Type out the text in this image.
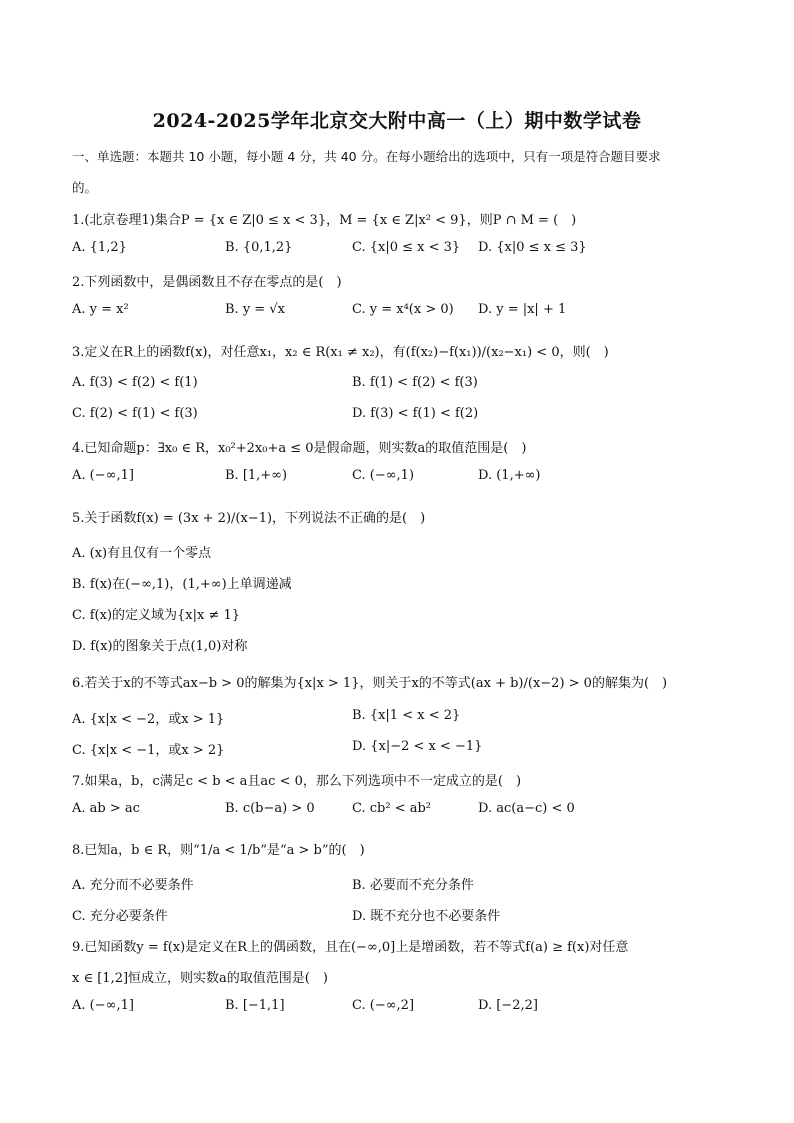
2024-2025学年北京交大附中高一（上）期中数学试卷
一、单选题：本题共 10 小题，每小题 4 分，共 40 分。在每小题给出的选项中，只有一项是符合题目要求
的。
1.(北京卷理1)集合P = {x ∈ Z|0 ≤ x < 3}，M = {x ∈ Z|x² < 9}，则P ∩ M = (　)
A. {1,2}	B. {0,1,2}	C. {x|0 ≤ x < 3} D. {x|0 ≤ x ≤ 3}
2.下列函数中，是偶函数且不存在零点的是(　)
A. y = x²	B. y = √x	C. y = x⁴(x > 0) D. y = |x| + 1
3.定义在R上的函数f(x)，对任意x₁，x₂ ∈ R(x₁ ≠ x₂)，有(f(x₂)−f(x₁))/(x₂−x₁) < 0，则(　)
A. f(3) < f(2) < f(1)	B. f(1) < f(2) < f(3)
C. f(2) < f(1) < f(3)	D. f(3) < f(1) < f(2)
4.已知命题p：∃x₀ ∈ R，x₀²+2x₀+a ≤ 0是假命题，则实数a的取值范围是(　)
A. (−∞,1]	B. [1,+∞)	C. (−∞,1)	D. (1,+∞)
5.关于函数f(x) = (3x + 2)/(x−1)，下列说法不正确的是(　)
A. (x)有且仅有一个零点
B. f(x)在(−∞,1)，(1,+∞)上单调递减
C. f(x)的定义域为{x|x ≠ 1}
D. f(x)的图象关于点(1,0)对称
6.若关于x的不等式ax−b > 0的解集为{x|x > 1}，则关于x的不等式(ax + b)/(x−2) > 0的解集为(　)
A. {x|x < −2，或x > 1}	B. {x|1 < x < 2}
C. {x|x < −1，或x > 2}	D. {x|−2 < x < −1}
7.如果a，b，c满足c < b < a且ac < 0，那么下列选项中不一定成立的是(　)
A. ab > ac	B. c(b−a) > 0	C. cb² < ab²	D. ac(a−c) < 0
8.已知a，b ∈ R，则“1/a < 1/b”是“a > b”的(　)
A. 充分而不必要条件	B. 必要而不充分条件
C. 充分必要条件	D. 既不充分也不必要条件
9.已知函数y = f(x)是定义在R上的偶函数，且在(−∞,0]上是增函数，若不等式f(a) ≥ f(x)对任意
x ∈ [1,2]恒成立，则实数a的取值范围是(　)
A. (−∞,1]	B. [−1,1]	C. (−∞,2]	D. [−2,2]
